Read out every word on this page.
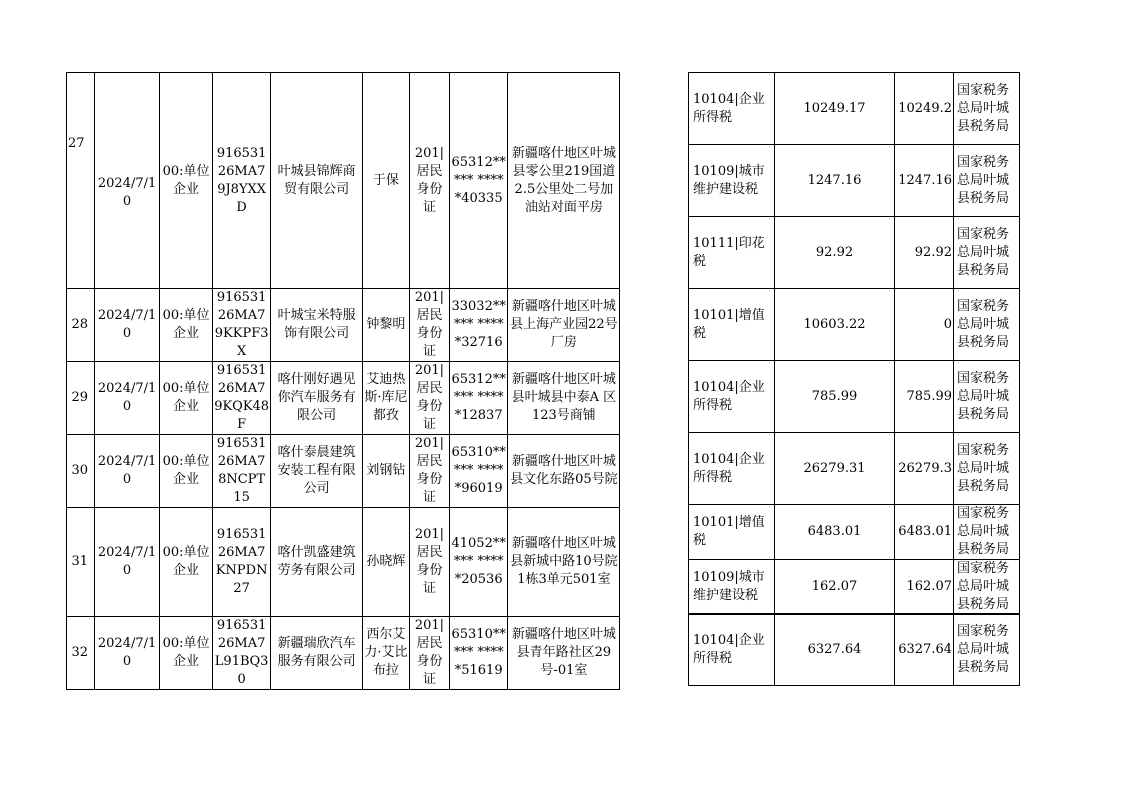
27	2024/7/10	00:单位企业	91653126MA79J8YXXD	叶城县锦辉商贸有限公司	于保	201|居民身份证	65312***** *****40335	新疆喀什地区叶城县零公里219国道2.5公里处二号加油站对面平房	
28	2024/7/10	00:单位企业	91653126MA79KKPF3X	叶城宝米特服饰有限公司	钟黎明	201|居民身份证	33032***** *****32716	新疆喀什地区叶城县上海产业园22号厂房	
29	2024/7/10	00:单位企业	91653126MA79KQK48F	喀什刚好遇见你汽车服务有限公司	艾迪热斯·库尼都孜	201|居民身份证	65312***** *****12837	新疆喀什地区叶城县叶城县中泰A 区123号商铺	
30	2024/7/10	00:单位企业	91653126MA78NCPT15	喀什泰晨建筑安装工程有限公司	刘钢钻	201|居民身份证	65310***** *****96019	新疆喀什地区叶城县文化东路05号院	
31	2024/7/10	00:单位企业	91653126MA7KNPDN27	喀什凯盛建筑劳务有限公司	孙晓辉	201|居民身份证	41052***** *****20536	新疆喀什地区叶城县新城中路10号院1栋3单元501室	
32	2024/7/10	00:单位企业	91653126MA7L91BQ30	新疆瑞欣汽车服务有限公司	西尔艾力·艾比布拉	201|居民身份证	65310***** *****51619	新疆喀什地区叶城县青年路社区29号-01室	
10104|企业所得税	10249.17	10249.2	国家税务总局叶城县税务局
10109|城市维护建设税	1247.16	1247.16	国家税务总局叶城县税务局
10111|印花税	92.92	92.92	国家税务总局叶城县税务局
10101|增值税	10603.22	0	国家税务总局叶城县税务局
10104|企业所得税	785.99	785.99	国家税务总局叶城县税务局
10104|企业所得税	26279.31	26279.3	国家税务总局叶城县税务局
10101|增值税	6483.01	6483.01	国家税务总局叶城县税务局
10109|城市维护建设税	162.07	162.07	国家税务总局叶城县税务局
10104|企业所得税	6327.64	6327.64	国家税务总局叶城县税务局
